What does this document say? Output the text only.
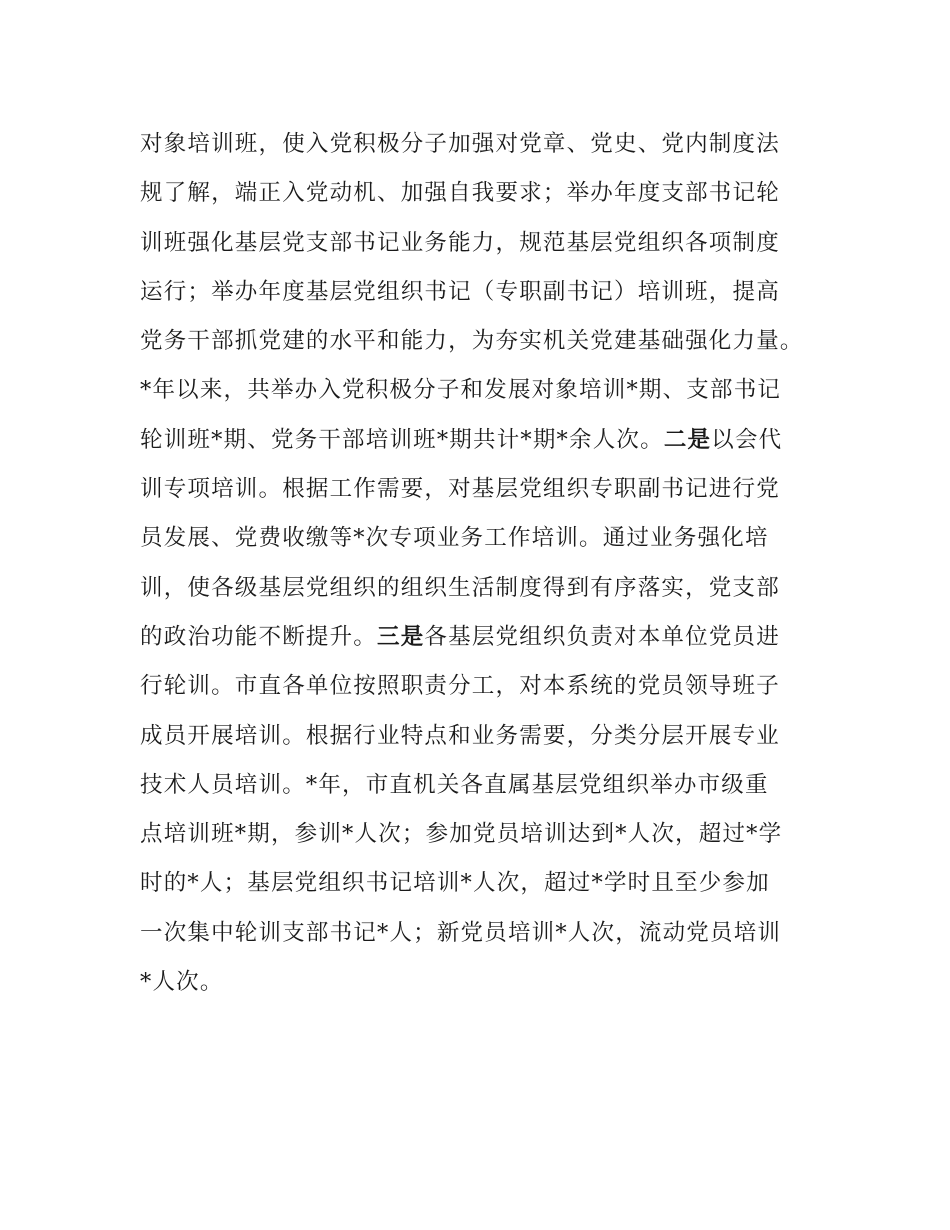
对象培训班，使入党积极分子加强对党章、党史、党内制度法
规了解，端正入党动机、加强自我要求；举办年度支部书记轮
训班强化基层党支部书记业务能力，规范基层党组织各项制度
运行；举办年度基层党组织书记（专职副书记）培训班，提高
党务干部抓党建的水平和能力，为夯实机关党建基础强化力量。
*年以来，共举办入党积极分子和发展对象培训*期、支部书记
轮训班*期、党务干部培训班*期共计*期*余人次。二是以会代
训专项培训。根据工作需要，对基层党组织专职副书记进行党
员发展、党费收缴等*次专项业务工作培训。通过业务强化培
训，使各级基层党组织的组织生活制度得到有序落实，党支部
的政治功能不断提升。三是各基层党组织负责对本单位党员进
行轮训。市直各单位按照职责分工，对本系统的党员领导班子
成员开展培训。根据行业特点和业务需要，分类分层开展专业
技术人员培训。*年，市直机关各直属基层党组织举办市级重
点培训班*期，参训*人次；参加党员培训达到*人次，超过*学
时的*人；基层党组织书记培训*人次，超过*学时且至少参加
一次集中轮训支部书记*人；新党员培训*人次，流动党员培训
*人次。
